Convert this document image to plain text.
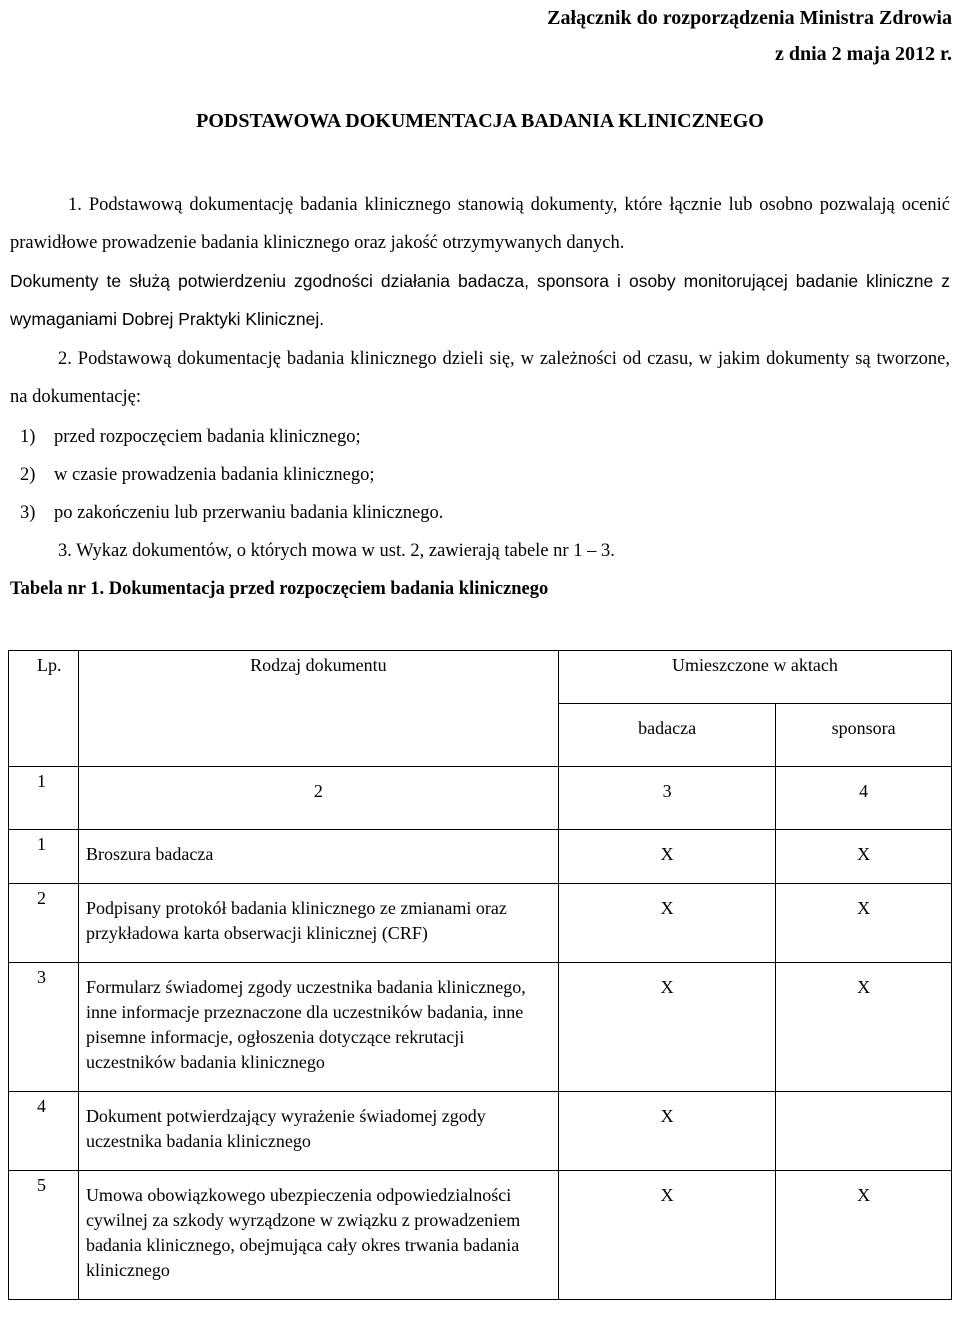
Załącznik do rozporządzenia Ministra Zdrowia
z dnia 2 maja 2012 r.
PODSTAWOWA DOKUMENTACJA BADANIA KLINICZNEGO
1. Podstawową dokumentację badania klinicznego stanowią dokumenty, które łącznie lub osobno pozwalają ocenić prawidłowe prowadzenie badania klinicznego oraz jakość otrzymywanych danych.
Dokumenty te służą potwierdzeniu zgodności działania badacza, sponsora i osoby monitorującej badanie kliniczne z wymaganiami Dobrej Praktyki Klinicznej.
2. Podstawową dokumentację badania klinicznego dzieli się, w zależności od czasu, w jakim dokumenty są tworzone, na dokumentację:
1) przed rozpoczęciem badania klinicznego;
2) w czasie prowadzenia badania klinicznego;
3) po zakończeniu lub przerwaniu badania klinicznego.
3. Wykaz dokumentów, o których mowa w ust. 2, zawierają tabele nr 1 – 3.
Tabela nr 1. Dokumentacja przed rozpoczęciem badania klinicznego
Lp.	Rodzaj dokumentu	Umieszczone w aktach	
		badacza	sponsora
1	2	3	4
1	Broszura badacza	X	X
2	Podpisany protokół badania klinicznego ze zmianami oraz przykładowa karta obserwacji klinicznej (CRF)	X	X
3	Formularz świadomej zgody uczestnika badania klinicznego, inne informacje przeznaczone dla uczestników badania, inne pisemne informacje, ogłoszenia dotyczące rekrutacji uczestników badania klinicznego	X	X
4	Dokument potwierdzający wyrażenie świadomej zgody uczestnika badania klinicznego	X	
5	Umowa obowiązkowego ubezpieczenia odpowiedzialności cywilnej za szkody wyrządzone w związku z prowadzeniem badania klinicznego, obejmująca cały okres trwania badania klinicznego	X	X
